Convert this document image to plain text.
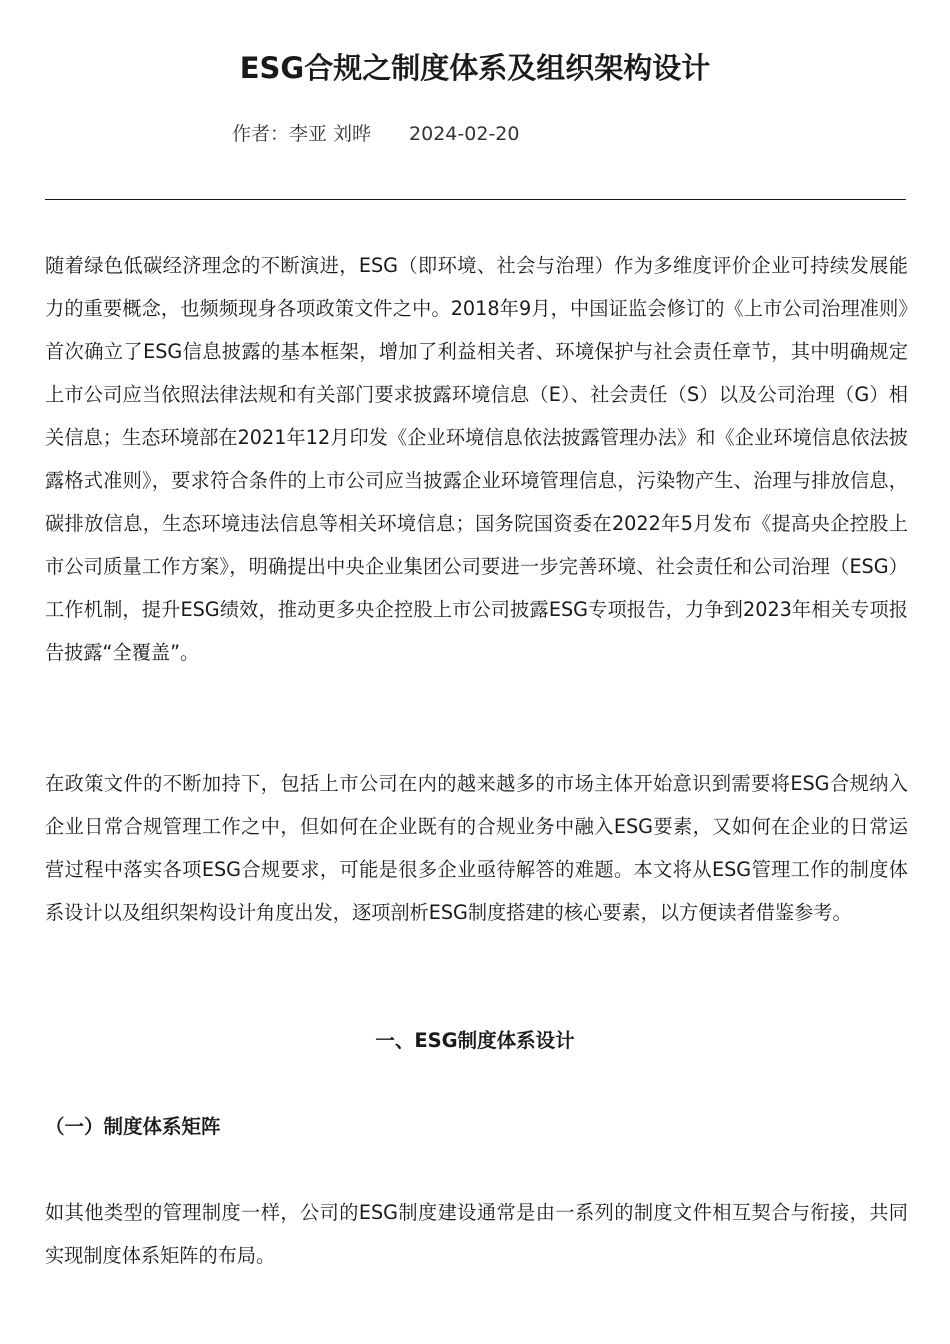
ESG合规之制度体系及组织架构设计
作者：李亚 刘晔 2024-02-20

随着绿色低碳经济理念的不断演进，ESG（即环境、社会与治理）作为多维度评价企业可持续发展能力的重要概念，也频频现身各项政策文件之中。2018年9月，中国证监会修订的《上市公司治理准则》首次确立了ESG信息披露的基本框架，增加了利益相关者、环境保护与社会责任章节，其中明确规定上市公司应当依照法律法规和有关部门要求披露环境信息（E）、社会责任（S）以及公司治理（G）相关信息；生态环境部在2021年12月印发《企业环境信息依法披露管理办法》和《企业环境信息依法披露格式准则》，要求符合条件的上市公司应当披露企业环境管理信息，污染物产生、治理与排放信息，碳排放信息，生态环境违法信息等相关环境信息；国务院国资委在2022年5月发布《提高央企控股上市公司质量工作方案》，明确提出中央企业集团公司要进一步完善环境、社会责任和公司治理（ESG）工作机制，提升ESG绩效，推动更多央企控股上市公司披露ESG专项报告，力争到2023年相关专项报告披露“全覆盖”。

在政策文件的不断加持下，包括上市公司在内的越来越多的市场主体开始意识到需要将ESG合规纳入企业日常合规管理工作之中，但如何在企业既有的合规业务中融入ESG要素，又如何在企业的日常运营过程中落实各项ESG合规要求，可能是很多企业亟待解答的难题。本文将从ESG管理工作的制度体系设计以及组织架构设计角度出发，逐项剖析ESG制度搭建的核心要素，以方便读者借鉴参考。

一、ESG制度体系设计
（一）制度体系矩阵

如其他类型的管理制度一样，公司的ESG制度建设通常是由一系列的制度文件相互契合与衔接，共同实现制度体系矩阵的布局。
